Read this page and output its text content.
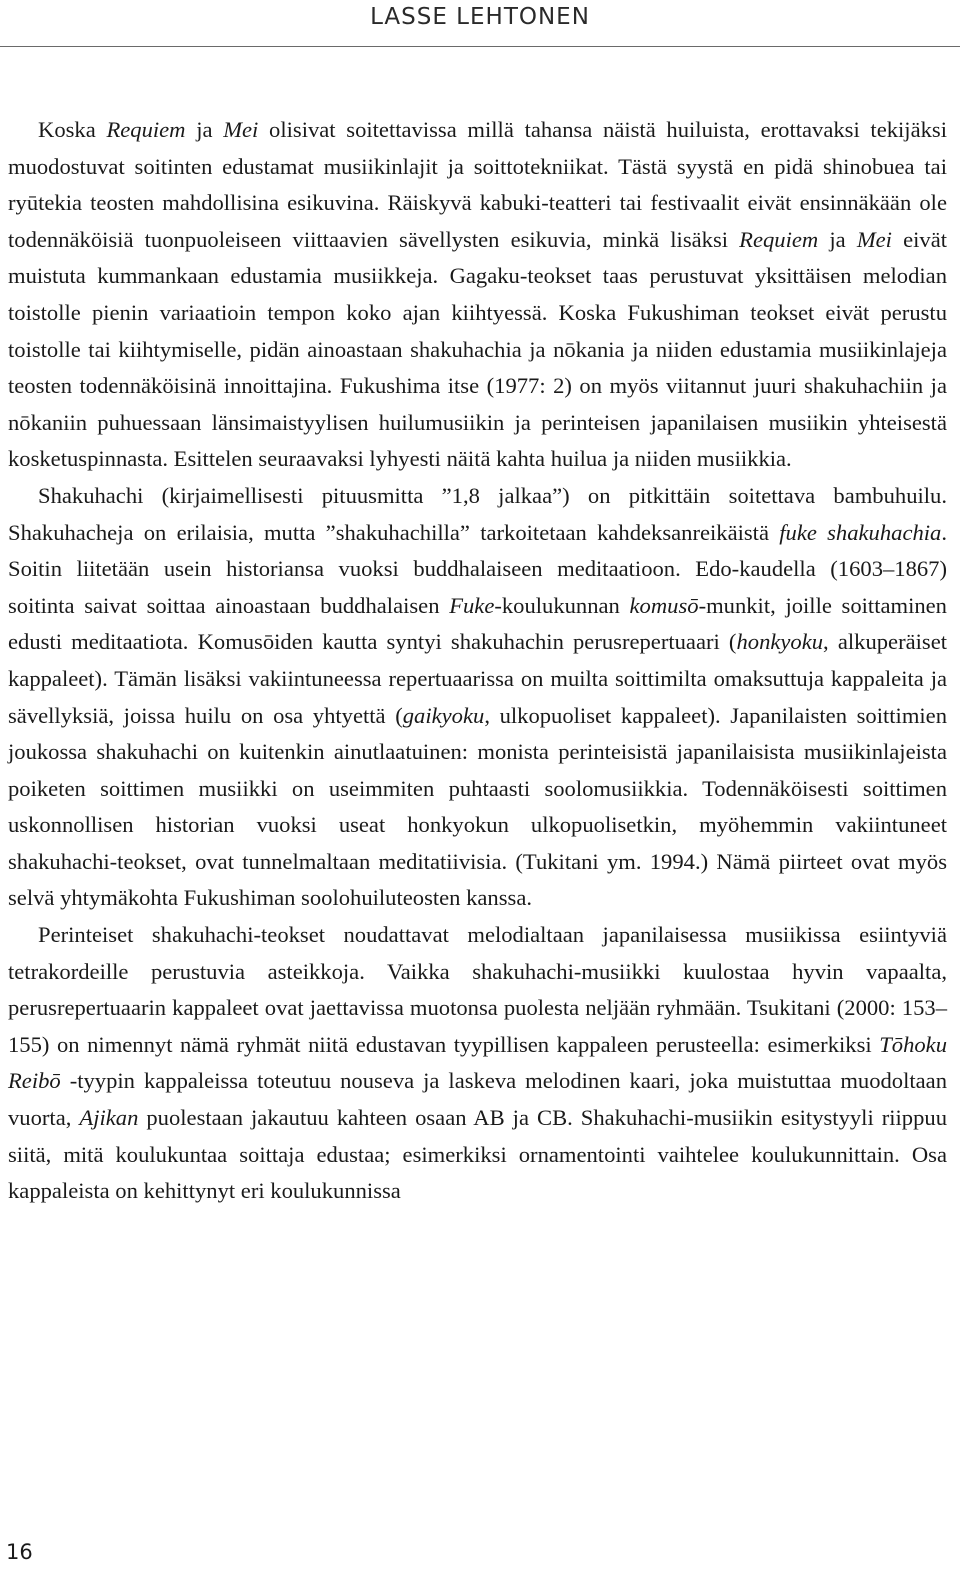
LASSE LEHTONEN

Koska Requiem ja Mei olisivat soitettavissa millä tahansa näistä huiluista, erottavaksi tekijäksi muodostuvat soitinten edustamat musiikinlajit ja soittotekniikat. Tästä syystä en pidä shinobuea tai ryūtekia teosten mahdollisina esikuvina. Räiskyvä kabuki-teatteri tai festivaalit eivät ensinnäkään ole todennäköisiä tuonpuoleiseen viittaavien sävellysten esikuvia, minkä lisäksi Requiem ja Mei eivät muistuta kummankaan edustamia musiikkeja. Gagaku-teokset taas perustuvat yksittäisen melodian toistolle pienin variaatioin tempon koko ajan kiihtyessä. Koska Fukushiman teokset eivät perustu toistolle tai kiihtymiselle, pidän ainoastaan shakuhachia ja nōkania ja niiden edustamia musiikinlajeja teosten todennäköisinä innoittajina. Fukushima itse (1977: 2) on myös viitannut juuri shakuhachiin ja nōkaniin puhuessaan länsimaistyylisen huilumusiikin ja perinteisen japanilaisen musiikin yhteisestä kosketuspinnasta. Esittelen seuraavaksi lyhyesti näitä kahta huilua ja niiden musiikkia.

Shakuhachi (kirjaimellisesti pituusmitta ”1,8 jalkaa”) on pitkittäin soitettava bambuhuilu. Shakuhacheja on erilaisia, mutta ”shakuhachilla” tarkoitetaan kahdeksanreikäistä fuke shakuhachia. Soitin liitetään usein historiansa vuoksi buddhalaiseen meditaatioon. Edo-kaudella (1603–1867) soitinta saivat soittaa ainoastaan buddhalaisen Fuke-koulukunnan komusō-munkit, joille soittaminen edusti meditaatiota. Komusōiden kautta syntyi shakuhachin perusrepertuaari (honkyoku, alkuperäiset kappaleet). Tämän lisäksi vakiintuneessa repertuaarissa on muilta soittimilta omaksuttuja kappaleita ja sävellyksiä, joissa huilu on osa yhtyettä (gaikyoku, ulkopuoliset kappaleet). Japanilaisten soittimien joukossa shakuhachi on kuitenkin ainutlaatuinen: monista perinteisistä japanilaisista musiikinlajeista poiketen soittimen musiikki on useimmiten puhtaasti soolomusiikkia. Todennäköisesti soittimen uskonnollisen historian vuoksi useat honkyokun ulkopuolisetkin, myöhemmin vakiintuneet shakuhachi-teokset, ovat tunnelmaltaan meditatiivisia. (Tukitani ym. 1994.) Nämä piirteet ovat myös selvä yhtymäkohta Fukushiman soolohuiluteosten kanssa.

Perinteiset shakuhachi-teokset noudattavat melodialtaan japanilaisessa musiikissa esiintyviä tetrakordeille perustuvia asteikkoja. Vaikka shakuhachi-musiikki kuulostaa hyvin vapaalta, perusrepertuaarin kappaleet ovat jaettavissa muotonsa puolesta neljään ryhmään. Tsukitani (2000: 153–155) on nimennyt nämä ryhmät niitä edustavan tyypillisen kappaleen perusteella: esimerkiksi Tōhoku Reibō -tyypin kappaleissa toteutuu nouseva ja laskeva melodinen kaari, joka muistuttaa muodoltaan vuorta, Ajikan puolestaan jakautuu kahteen osaan AB ja CB. Shakuhachi-musiikin esitystyyli riippuu siitä, mitä koulukuntaa soittaja edustaa; esimerkiksi ornamentointi vaihtelee koulukunnittain. Osa kappaleista on kehittynyt eri koulukunnissa

16
